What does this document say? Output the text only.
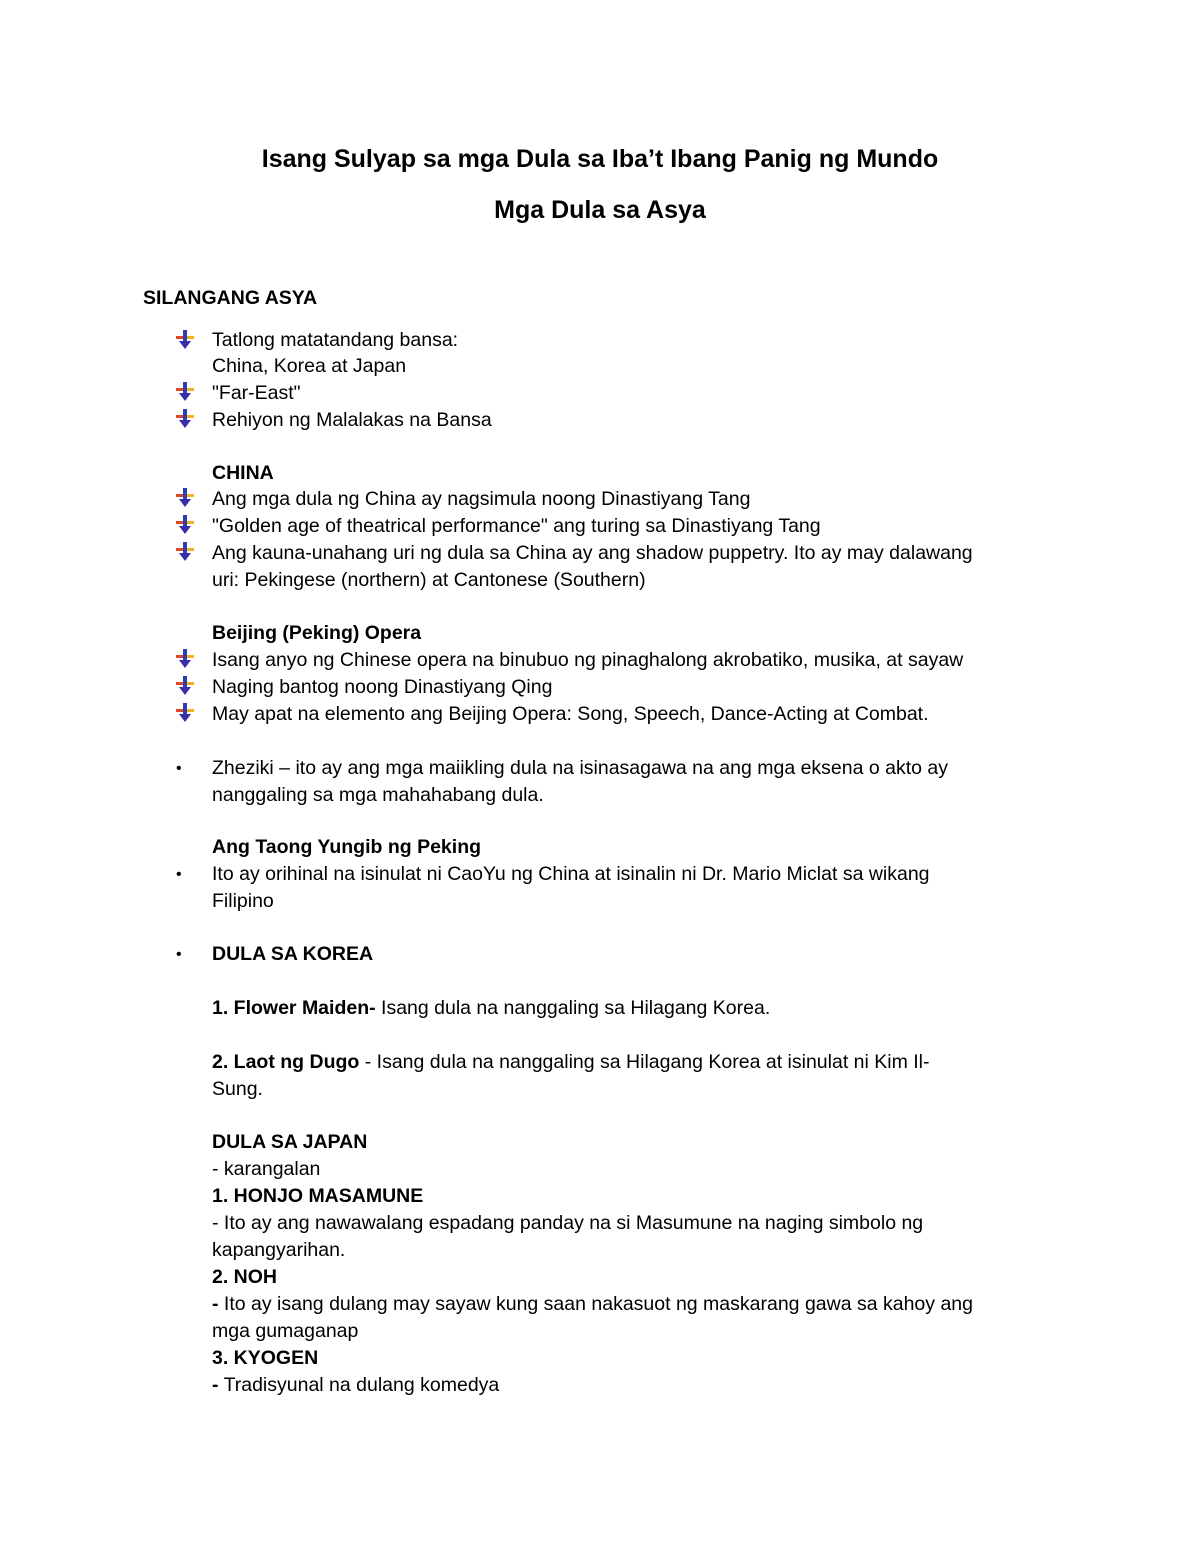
Isang Sulyap sa mga Dula sa Iba’t Ibang Panig ng Mundo
Mga Dula sa Asya
SILANGANG ASYA
Tatlong matatandang bansa:
China, Korea at Japan
"Far-East"
Rehiyon ng Malalakas na Bansa
CHINA
Ang mga dula ng China ay nagsimula noong Dinastiyang Tang
"Golden age of theatrical performance" ang turing sa Dinastiyang Tang
Ang kauna-unahang uri ng dula sa China ay ang shadow puppetry. Ito ay may dalawang
uri: Pekingese (northern) at Cantonese (Southern)
Beijing (Peking) Opera
Isang anyo ng Chinese opera na binubuo ng pinaghalong akrobatiko, musika, at sayaw
Naging bantog noong Dinastiyang Qing
May apat na elemento ang Beijing Opera: Song, Speech, Dance-Acting at Combat.
• Zheziki – ito ay ang mga maiikling dula na isinasagawa na ang mga eksena o akto ay
nanggaling sa mga mahahabang dula.
Ang Taong Yungib ng Peking
• Ito ay orihinal na isinulat ni CaoYu ng China at isinalin ni Dr. Mario Miclat sa wikang
Filipino
• DULA SA KOREA
1. Flower Maiden- Isang dula na nanggaling sa Hilagang Korea.
2. Laot ng Dugo - Isang dula na nanggaling sa Hilagang Korea at isinulat ni Kim Il-
Sung.
DULA SA JAPAN
- karangalan
1. HONJO MASAMUNE
- Ito ay ang nawawalang espadang panday na si Masumune na naging simbolo ng
kapangyarihan.
2. NOH
- Ito ay isang dulang may sayaw kung saan nakasuot ng maskarang gawa sa kahoy ang
mga gumaganap
3. KYOGEN
- Tradisyunal na dulang komedya
